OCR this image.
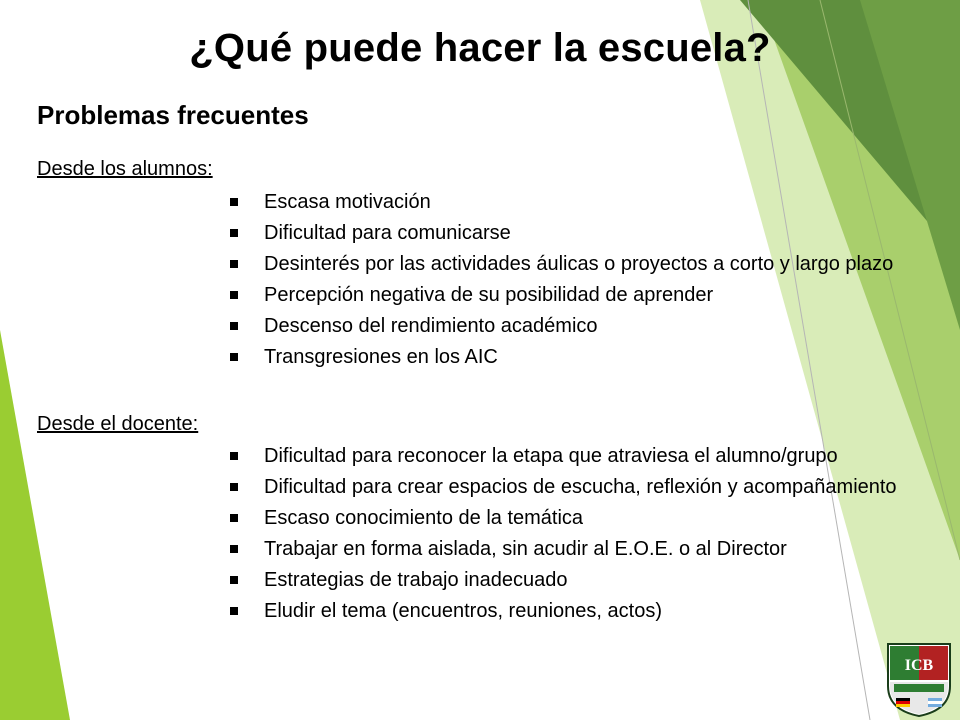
¿Qué puede hacer la escuela?
Problemas frecuentes

Desde los alumnos:

Escasa motivación
Dificultad para comunicarse
Desinterés por las actividades áulicas o proyectos a corto y largo plazo
Percepción negativa de su posibilidad de aprender
Descenso del rendimiento académico
Transgresiones en los AIC

Desde el docente:

Dificultad para reconocer la etapa que atraviesa el alumno/grupo
Dificultad para crear espacios de escucha, reflexión y acompañamiento
Escaso conocimiento de la temática
Trabajar en forma aislada, sin acudir al E.O.E. o al Director
Estrategias de trabajo inadecuado
Eludir el tema (encuentros, reuniones, actos)
ICB
